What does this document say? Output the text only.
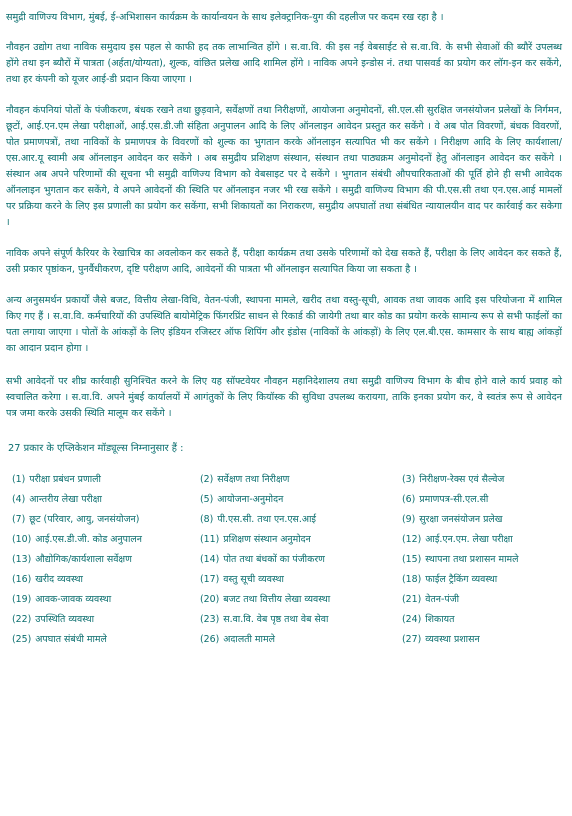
समुद्री वाणिज्य विभाग, मुंबई, ई-अभिशासन कार्यक्रम के कार्यान्वयन के साथ इलेक्ट्रानिक-युग की दहलीज पर कदम रख रहा है ।

नौवहन उद्योग तथा नाविक समुदाय इस पहल से काफी हद तक लाभान्वित होंगे । स.वा.वि. की इस नई वेबसाईट से स.वा.वि. के सभी सेवाओं की ब्यौरें उपलब्ध होंगे तथा इन ब्यौरों में पात्रता (अर्हता/योग्यता), शुल्क, वांछित प्रलेख आदि शामिल होंगे । नाविक अपने इन्डोस नं. तथा पासवर्ड का प्रयोग कर लॉग-इन कर सकेंगे, तथा हर कंपनी को यूजर आई-डी प्रदान किया जाएगा ।

नौवहन कंपनियां पोतों के पंजीकरण, बंधक रखने तथा छुड़वाने, सर्वेक्षणों तथा निरीक्षणों, आयोजना अनुमोदनों, सी.एल.सी सुरक्षित जनसंयोजन प्रलेखों के निर्गमन, छूटों, आई.एन.एम लेखा परीक्षाओं, आई.एस.डी.जी संहिता अनुपालन आदि के लिए ऑनलाइन आवेदन प्रस्तुत कर सकेंगे । वे अब पोत विवरणों, बंधक विवरणों, पोत प्रमाणपत्रों, तथा नाविकों के प्रमाणपत्र के विवरणों को शुल्क का भुगतान करके ऑनलाइन सत्यापित भी कर सकेंगे । निरीक्षण आदि के लिए कार्यशाला/एस.आर.यू स्वामी अब ऑनलाइन आवेदन कर सकेंगे । अब समुद्रीय प्रशिक्षण संस्थान, संस्थान तथा पाठ्यक्रम अनुमोदनों हेतु ऑनलाइन आवेदन कर सकेंगे । संस्थान अब अपने परिणामों की सूचना भी समुद्री वाणिज्य विभाग को वेबसाइट पर दे सकेंगे । भुगतान संबंधी औपचारिकताओं की पूर्ति होने ही सभी आवेदक ऑनलाइन भुगतान कर सकेंगे, वे अपने आवेदनों की स्थिति पर ऑनलाइन नजर भी रख सकेंगे । समुद्री वाणिज्य विभाग की पी.एस.सी तथा एन.एस.आई मामलों पर प्रक्रिया करने के लिए इस प्रणाली का प्रयोग कर सकेंगा, सभी शिकायतों का निराकरण, समुद्रीय अपघातों तथा संबंधित न्यायालयीन वाद पर कार्रवाई कर सकेगा ।

नाविक अपने संपूर्ण कैरियर के रेखाचित्र का अवलोकन कर सकते हैं, परीक्षा कार्यक्रम तथा उसके परिणामों को देख सकते हैं, परीक्षा के लिए आवेदन कर सकते हैं, उसी प्रकार पृष्ठांकन, पुनर्वैधीकरण, दृष्टि परीक्षण आदि, आवेदनों की पात्रता भी ऑनलाइन सत्यापित किया जा सकता है ।

अन्य अनुसमर्थन प्रकार्यों जैसे बजट, वित्तीय लेखा-विधि, वेतन-पंजी, स्थापना मामले, खरीद तथा वस्तु-सूची, आवक तथा जावक आदि इस परियोजना में शामिल किए गए हैं । स.वा.वि. कर्मचारियों की उपस्थिति बायोमेट्रिक फिंगरप्रिंट साधन से रिकार्ड की जायेगी तथा बार कोड का प्रयोग करके सामान्य रूप से सभी फाईलों का पता लगाया जाएगा । पोतों के आंकड़ों के लिए इंडियन रजिस्टर ऑफ शिपिंग और इंडोस (नाविकों के आंकड़ों) के लिए एल.बी.एस. कामसार के साथ बाह्य आंकड़ों का आदान प्रदान होगा ।

सभी आवेदनों पर शीघ्र कार्रवाही सुनिश्चित करने के लिए यह सॉफ्टवेयर नौवहन महानिदेशालय तथा समुद्री वाणिज्य विभाग के बीच होने वाले कार्य प्रवाह को स्वचालित करेगा । स.वा.वि. अपने मुंबई कार्यालयों में आगंतुकों के लिए कियॉस्क की सुविधा उपलब्ध करायगा, ताकि इनका प्रयोग कर, वे स्वतंत्र रूप से आवेदन पत्र जमा करके उसकी स्थिति मालूम कर सकेंगे ।

27 प्रकार के एप्लिकेशन मॉड्यूल्स निम्नानुसार हैं :
(1) परीक्षा प्रबंधन प्रणाली	(2) सर्वेक्षण तथा निरीक्षण	(3) निरीक्षण-रेक्स एवं सैल्वेज
(4) आन्तरीय लेखा परीक्षा	(5) आयोजना-अनुमोदन	(6) प्रमाणपत्र-सी.एल.सी
(7) छूट (परिवार, आयु, जनसंयोजन)	(8) पी.एस.सी. तथा एन.एस.आई	(9) सुरक्षा जनसंयोजन प्रलेख
(10) आई.एस.डी.जी. कोड अनुपालन	(11) प्रशिक्षण संस्थान अनुमोदन	(12) आई.एन.एम. लेखा परीक्षा
(13) औद्योगिक/कार्यशाला सर्वेक्षण	(14) पोत तथा बंधकों का पंजीकरण	(15) स्थापना तथा प्रशासन मामले
(16) खरीद व्यवस्था	(17) वस्तु सूची व्यवस्था	(18) फाईल ट्रैकिंग व्यवस्था
(19) आवक-जावक व्यवस्था	(20) बजट तथा वित्तीय लेखा व्यवस्था	(21) वेतन-पंजी
(22) उपस्थिति व्यवस्था	(23) स.वा.वि. वेब पृष्ठ तथा वेब सेवा	(24) शिकायत
(25) अपघात संबंधी मामले	(26) अदालती मामले	(27) व्यवस्था प्रशासन
